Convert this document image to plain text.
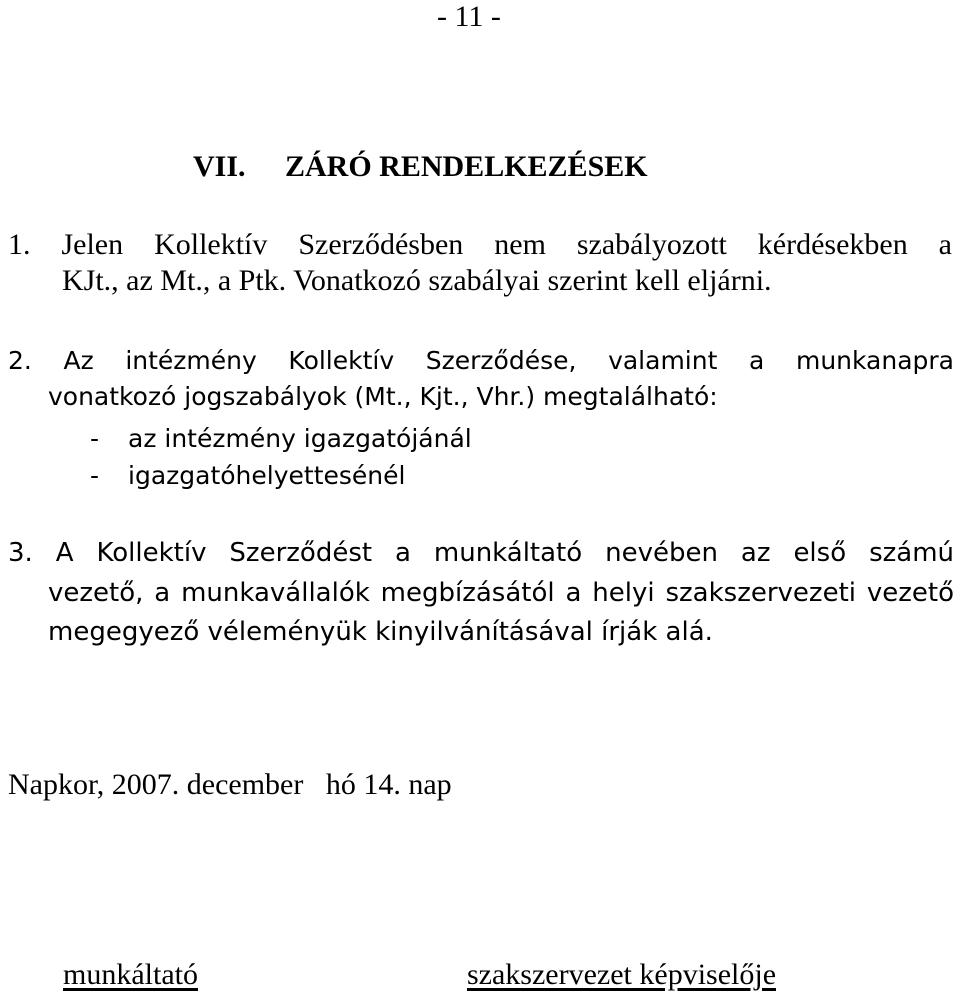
- 11 -
VII. ZÁRÓ RENDELKEZÉSEK
1. Jelen Kollektív Szerződésben nem szabályozott kérdésekben a
KJt., az Mt., a Ptk. Vonatkozó szabályai szerint kell eljárni.
2. Az intézmény Kollektív Szerződése, valamint a munkanapra
vonatkozó jogszabályok (Mt., Kjt., Vhr.) megtalálható:
- az intézmény igazgatójánál
- igazgatóhelyettesénél
3. A Kollektív Szerződést a munkáltató nevében az első számú
vezető, a munkavállalók megbízásától a helyi szakszervezeti vezető
megegyező véleményük kinyilvánításával írják alá.
Napkor, 2007. december   hó 14. nap
munkáltató	szakszervezet képviselője
